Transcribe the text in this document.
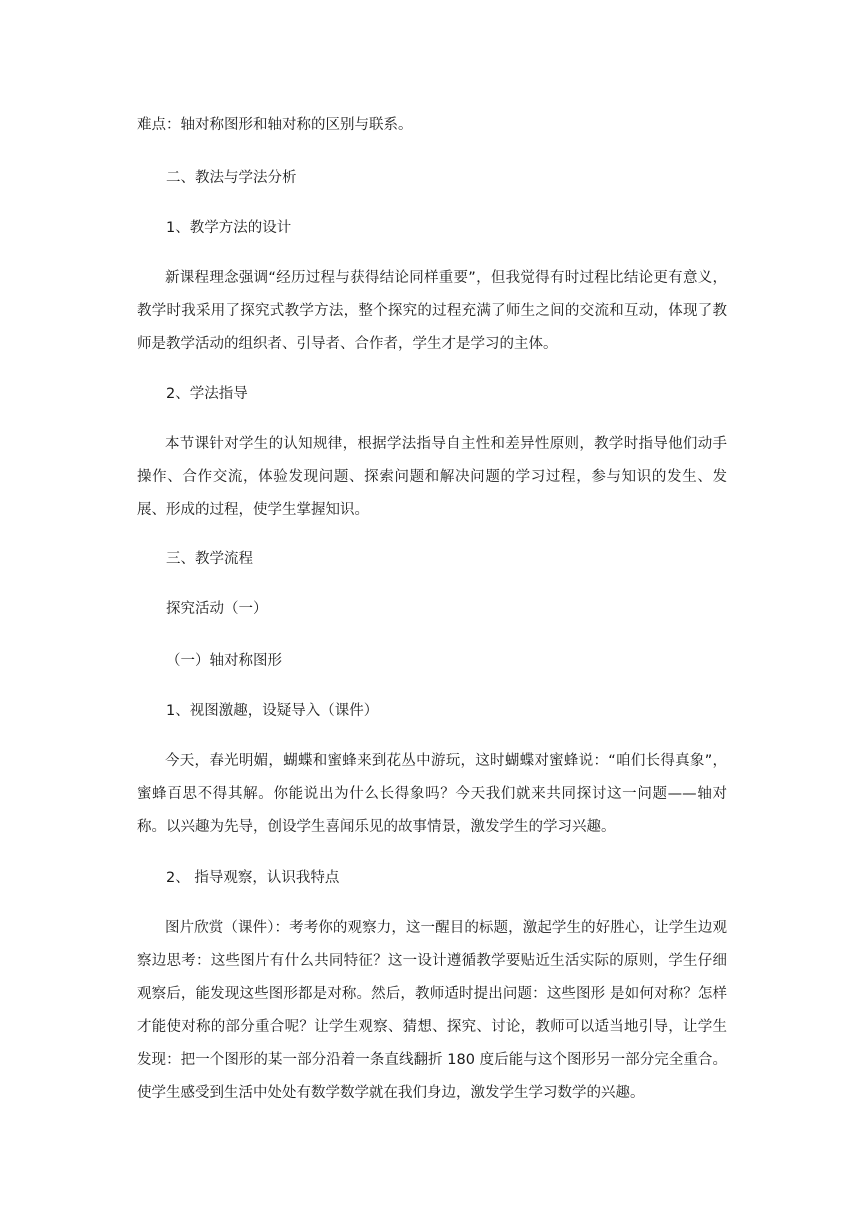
难点：轴对称图形和轴对称的区别与联系。
二、教法与学法分析
1、教学方法的设计

新课程理念强调“经历过程与获得结论同样重要”，但我觉得有时过程比结论更有意义，教学时我采用了探究式教学方法，整个探究的过程充满了师生之间的交流和互动，体现了教师是教学活动的组织者、引导者、合作者，学生才是学习的主体。

2、学法指导

本节课针对学生的认知规律，根据学法指导自主性和差异性原则，教学时指导他们动手操作、合作交流，体验发现问题、探索问题和解决问题的学习过程，参与知识的发生、发展、形成的过程，使学生掌握知识。

三、教学流程
探究活动（一）
（一）轴对称图形
1、视图激趣，设疑导入（课件）

今天，春光明媚，蝴蝶和蜜蜂来到花丛中游玩，这时蝴蝶对蜜蜂说：“咱们长得真象”，蜜蜂百思不得其解。你能说出为什么长得象吗？今天我们就来共同探讨这一问题——轴对称。以兴趣为先导，创设学生喜闻乐见的故事情景，激发学生的学习兴趣。

2、 指导观察，认识我特点

图片欣赏（课件）：考考你的观察力，这一醒目的标题，激起学生的好胜心，让学生边观察边思考：这些图片有什么共同特征？这一设计遵循教学要贴近生活实际的原则，学生仔细观察后，能发现这些图形都是对称。然后，教师适时提出问题：这些图形 是如何对称？怎样才能使对称的部分重合呢？让学生观察、猜想、探究、讨论，教师可以适当地引导，让学生发现：把一个图形的某一部分沿着一条直线翻折 180 度后能与这个图形另一部分完全重合。使学生感受到生活中处处有数学数学就在我们身边，激发学生学习数学的兴趣。
